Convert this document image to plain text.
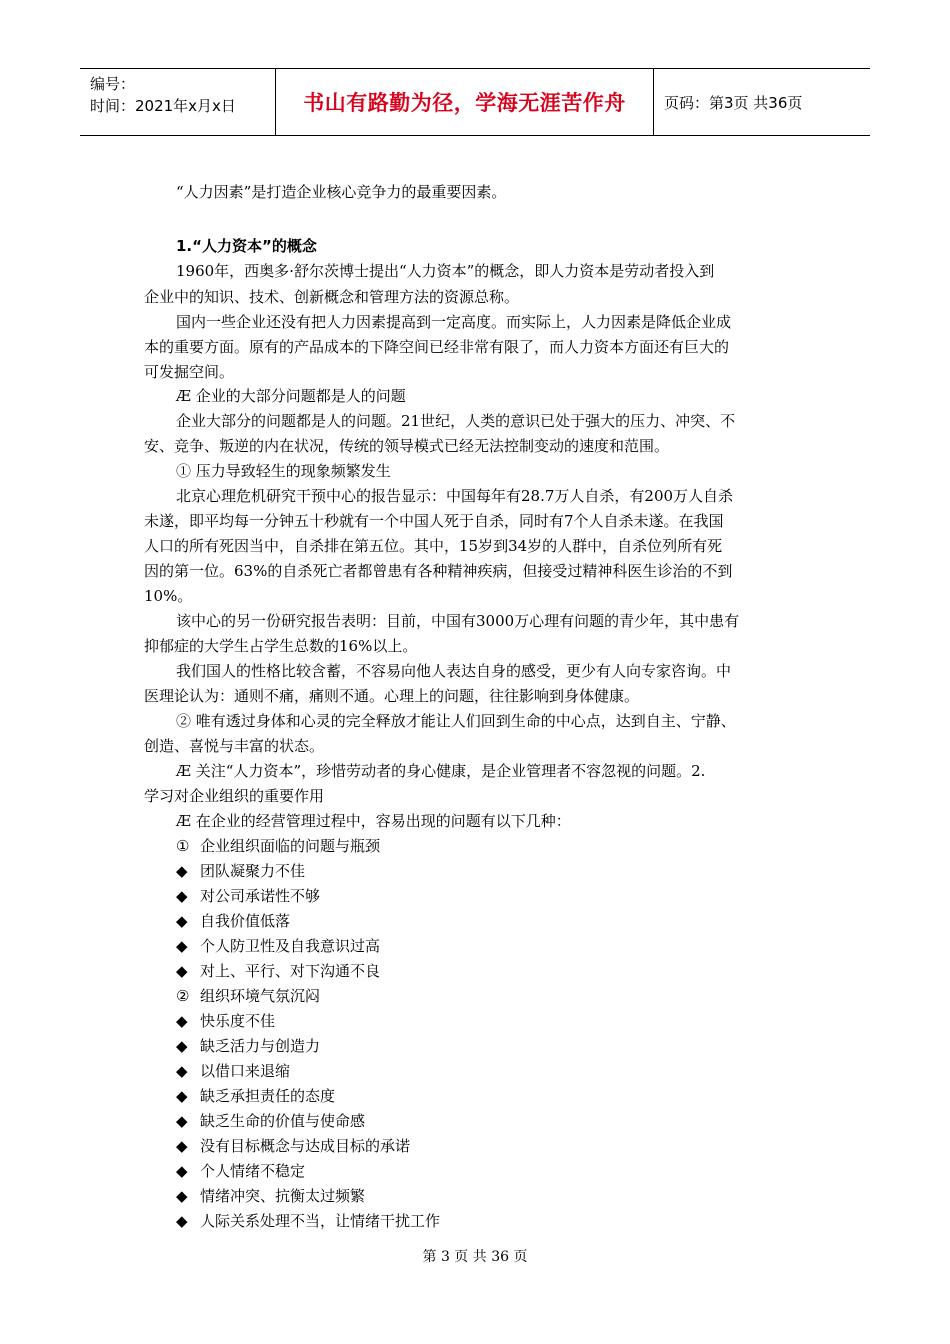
编号：
时间：2021年x月x日	书山有路勤为径，学海无涯苦作舟	页码：第3页 共36页
“人力因素”是打造企业核心竞争力的最重要因素。
1.“人力资本”的概念
1960年，西奥多·舒尔茨博士提出“人力资本”的概念，即人力资本是劳动者投入到
企业中的知识、技术、创新概念和管理方法的资源总称。
国内一些企业还没有把人力因素提高到一定高度。而实际上，人力因素是降低企业成
本的重要方面。原有的产品成本的下降空间已经非常有限了，而人力资本方面还有巨大的
可发掘空间。
Æ 企业的大部分问题都是人的问题
企业大部分的问题都是人的问题。21世纪，人类的意识已处于强大的压力、冲突、不
安、竞争、叛逆的内在状况，传统的领导模式已经无法控制变动的速度和范围。
① 压力导致轻生的现象频繁发生
北京心理危机研究干预中心的报告显示：中国每年有28.7万人自杀，有200万人自杀
未遂，即平均每一分钟五十秒就有一个中国人死于自杀，同时有7个人自杀未遂。在我国
人口的所有死因当中，自杀排在第五位。其中，15岁到34岁的人群中，自杀位列所有死
因的第一位。63%的自杀死亡者都曾患有各种精神疾病，但接受过精神科医生诊治的不到
10%。
该中心的另一份研究报告表明：目前，中国有3000万心理有问题的青少年，其中患有
抑郁症的大学生占学生总数的16%以上。
我们国人的性格比较含蓄，不容易向他人表达自身的感受，更少有人向专家咨询。中
医理论认为：通则不痛，痛则不通。心理上的问题，往往影响到身体健康。
② 唯有透过身体和心灵的完全释放才能让人们回到生命的中心点，达到自主、宁静、
创造、喜悦与丰富的状态。
Æ 关注“人力资本”，珍惜劳动者的身心健康，是企业管理者不容忽视的问题。2.
学习对企业组织的重要作用
Æ 在企业的经营管理过程中，容易出现的问题有以下几种：
① 企业组织面临的问题与瓶颈
◆ 团队凝聚力不佳
◆ 对公司承诺性不够
◆ 自我价值低落
◆ 个人防卫性及自我意识过高
◆ 对上、平行、对下沟通不良
② 组织环境气氛沉闷
◆ 快乐度不佳
◆ 缺乏活力与创造力
◆ 以借口来退缩
◆ 缺乏承担责任的态度
◆ 缺乏生命的价值与使命感
◆ 没有目标概念与达成目标的承诺
◆ 个人情绪不稳定
◆ 情绪冲突、抗衡太过频繁
◆ 人际关系处理不当，让情绪干扰工作
第 3 页 共 36 页
